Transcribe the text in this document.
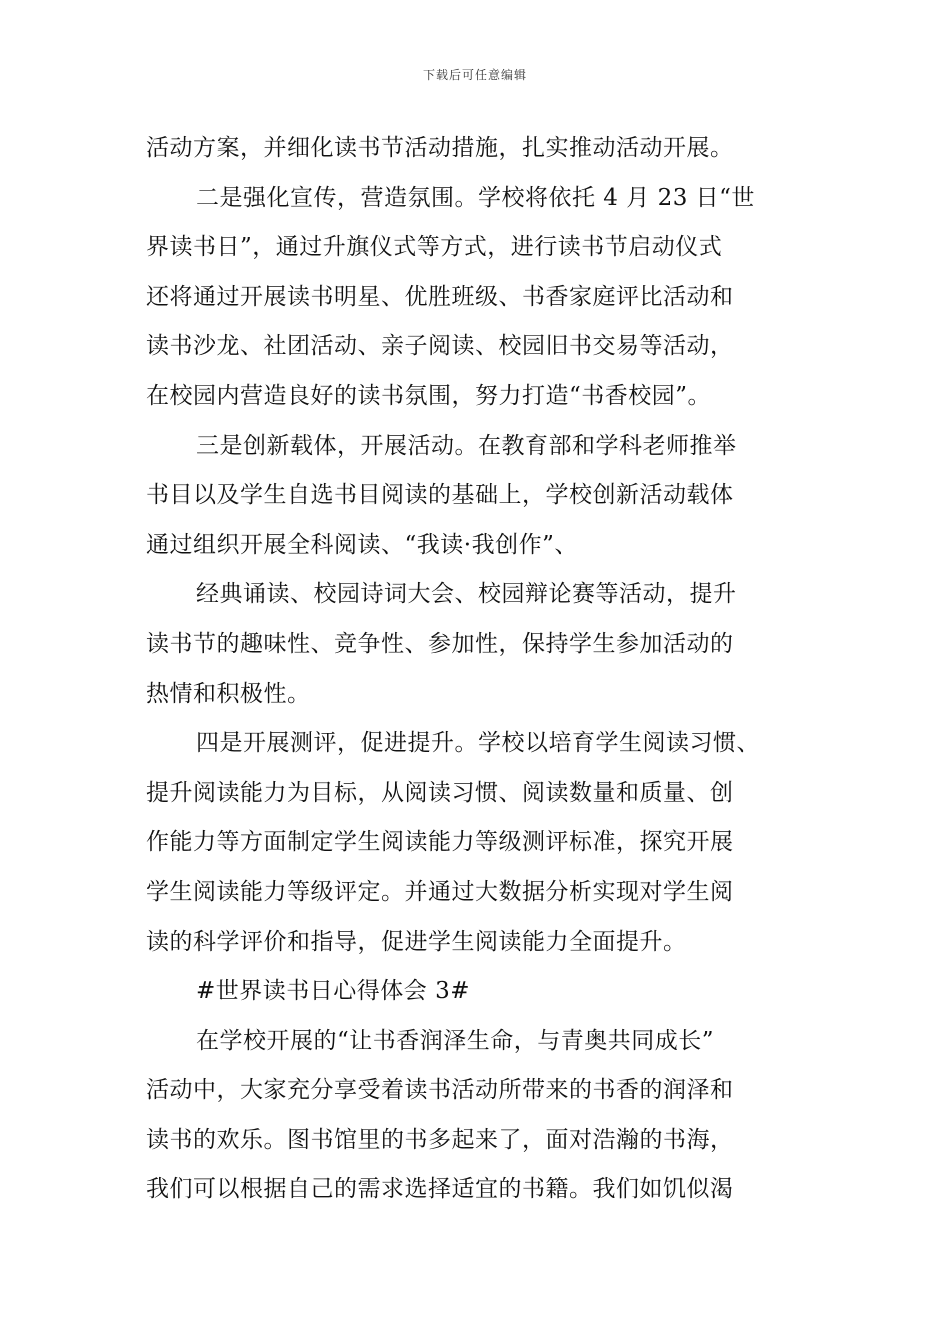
下载后可任意编辑
活动方案，并细化读书节活动措施，扎实推动活动开展。
二是强化宣传，营造氛围。学校将依托 4 月 23 日“世
界读书日”，通过升旗仪式等方式，进行读书节启动仪式
还将通过开展读书明星、优胜班级、书香家庭评比活动和
读书沙龙、社团活动、亲子阅读、校园旧书交易等活动，
在校园内营造良好的读书氛围，努力打造“书香校园”。
三是创新载体，开展活动。在教育部和学科老师推举
书目以及学生自选书目阅读的基础上，学校创新活动载体
通过组织开展全科阅读、“我读·我创作”、
经典诵读、校园诗词大会、校园辩论赛等活动，提升
读书节的趣味性、竞争性、参加性，保持学生参加活动的
热情和积极性。
四是开展测评，促进提升。学校以培育学生阅读习惯、
提升阅读能力为目标，从阅读习惯、阅读数量和质量、创
作能力等方面制定学生阅读能力等级测评标准，探究开展
学生阅读能力等级评定。并通过大数据分析实现对学生阅
读的科学评价和指导，促进学生阅读能力全面提升。
#世界读书日心得体会 3#
在学校开展的“让书香润泽生命，与青奥共同成长”
活动中，大家充分享受着读书活动所带来的书香的润泽和
读书的欢乐。图书馆里的书多起来了，面对浩瀚的书海，
我们可以根据自己的需求选择适宜的书籍。我们如饥似渴
